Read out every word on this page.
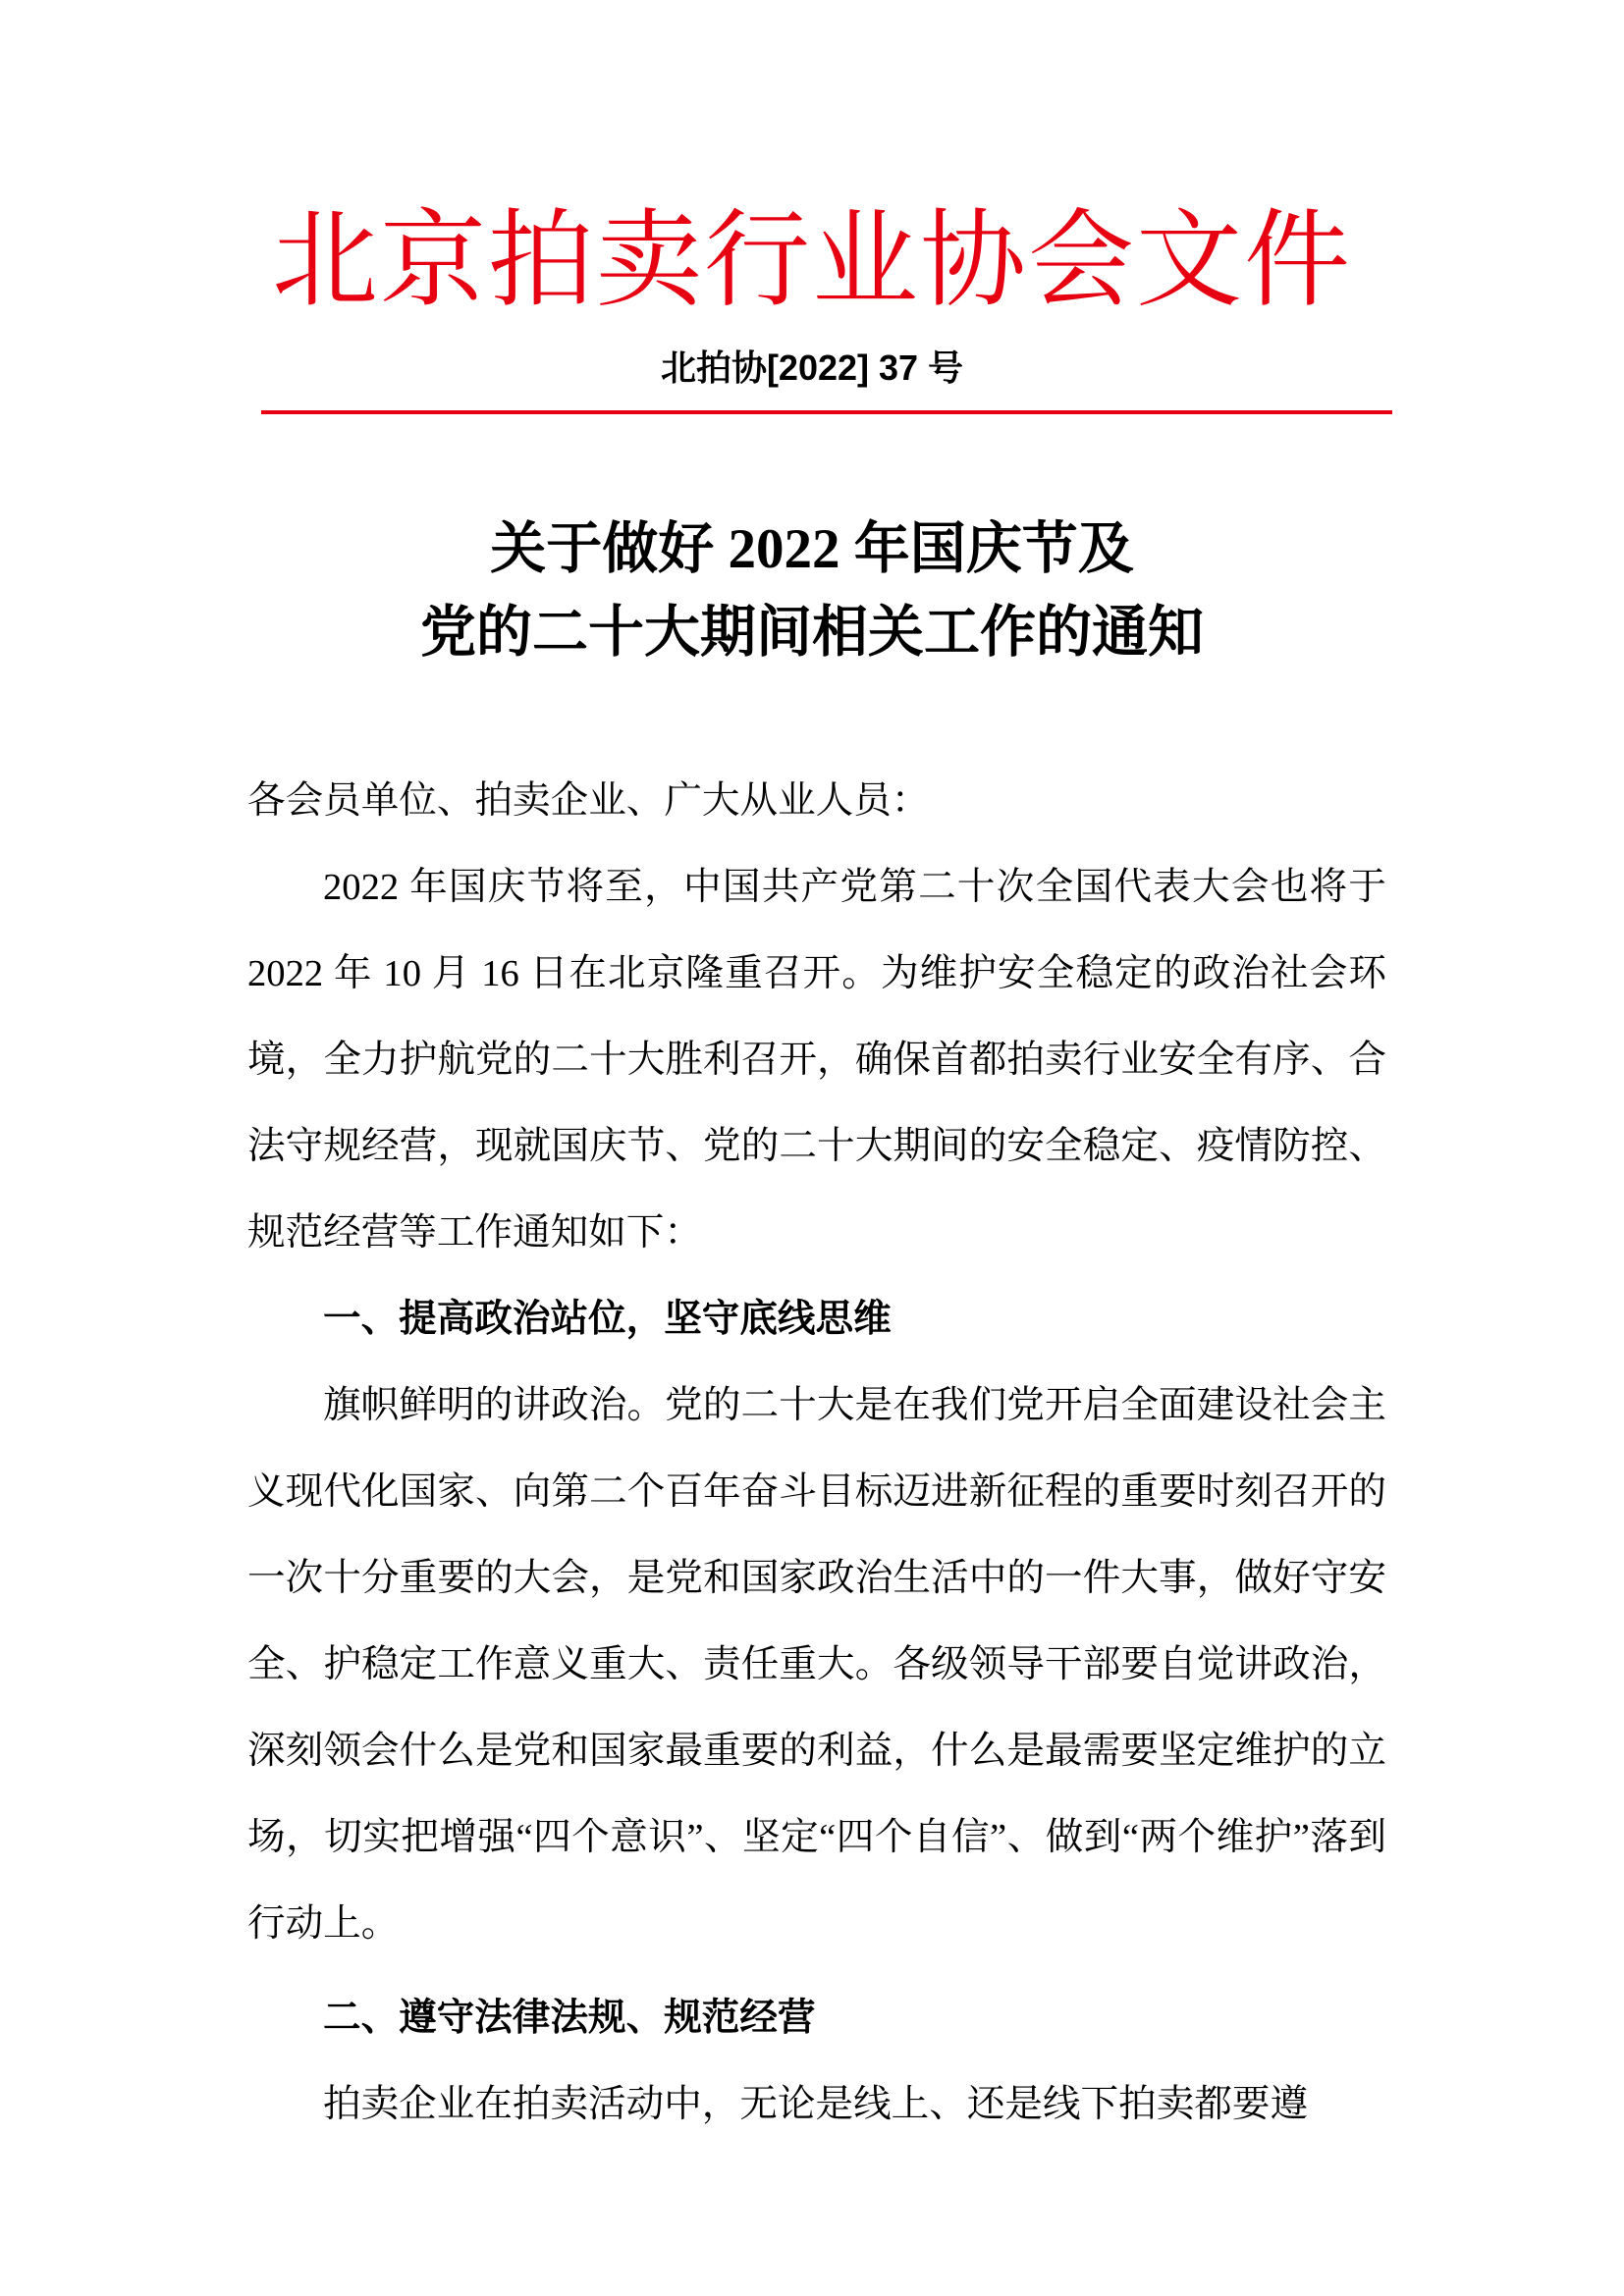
北京拍卖行业协会文件
北拍协[2022] 37 号
关于做好 2022 年国庆节及
党的二十大期间相关工作的通知

各会员单位、拍卖企业、广大从业人员：

2022 年国庆节将至，中国共产党第二十次全国代表大会也将于 2022 年 10 月 16 日在北京隆重召开。为维护安全稳定的政治社会环境，全力护航党的二十大胜利召开，确保首都拍卖行业安全有序、合法守规经营，现就国庆节、党的二十大期间的安全稳定、疫情防控、规范经营等工作通知如下：

一、提高政治站位，坚守底线思维

旗帜鲜明的讲政治。党的二十大是在我们党开启全面建设社会主义现代化国家、向第二个百年奋斗目标迈进新征程的重要时刻召开的一次十分重要的大会，是党和国家政治生活中的一件大事，做好守安全、护稳定工作意义重大、责任重大。各级领导干部要自觉讲政治，深刻领会什么是党和国家最重要的利益，什么是最需要坚定维护的立场，切实把增强“四个意识”、坚定“四个自信”、做到“两个维护”落到行动上。

二、遵守法律法规、规范经营

拍卖企业在拍卖活动中，无论是线上、还是线下拍卖都要遵
